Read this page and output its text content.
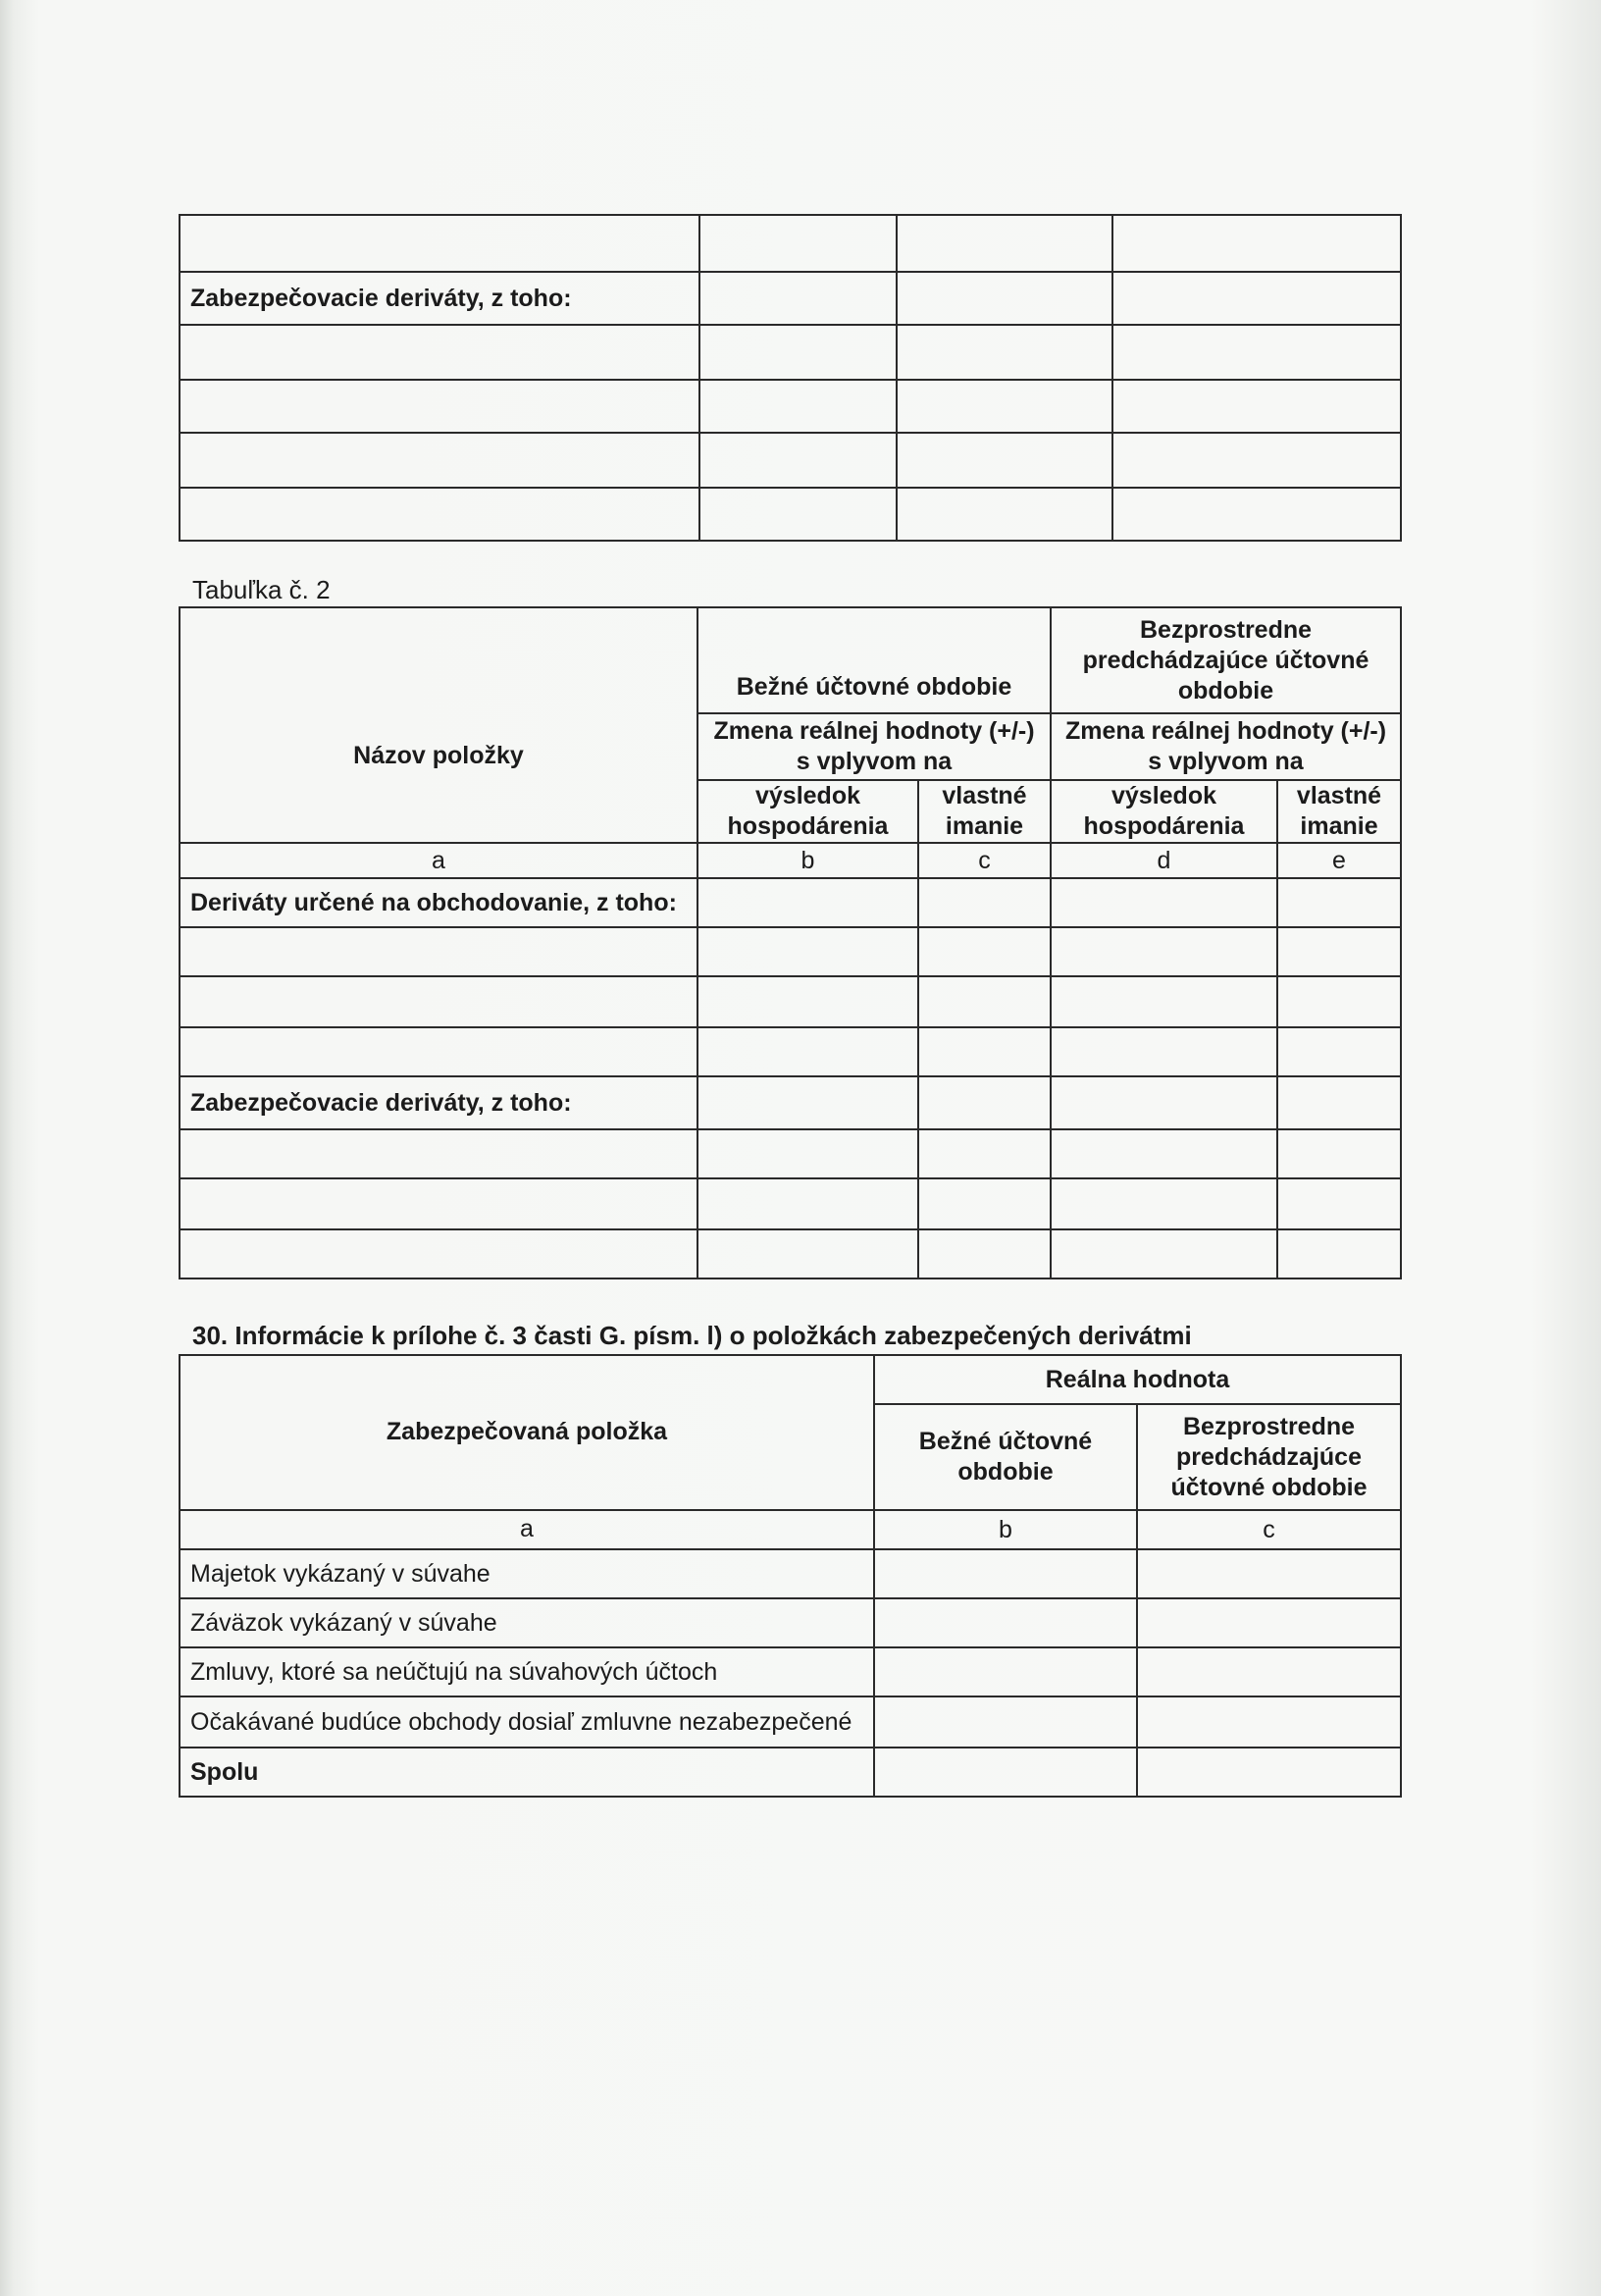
Zabezpečovacie deriváty, z toho:			

Tabuľka č. 2
Názov položky	Bežné účtovné obdobie		Bezprostredne predchádzajúce účtovné obdobie	
	Zmena reálnej hodnoty (+/-) s vplyvom na		Zmena reálnej hodnoty (+/-) s vplyvom na	
	výsledok hospodárenia	vlastné imanie	výsledok hospodárenia	vlastné imanie
a	b	c	d	e
Deriváty určené na obchodovanie, z toho:				

Zabezpečovacie deriváty, z toho:				

30. Informácie k prílohe č. 3 časti G. písm. l) o položkách zabezpečených derivátmi
Zabezpečovaná položka	Reálna hodnota	
	Bežné účtovné obdobie	Bezprostredne predchádzajúce účtovné obdobie

a	b	c
Majetok vykázaný v súvahe		
Záväzok vykázaný v súvahe		
Zmluvy, ktoré sa neúčtujú na súvahových účtoch		
Očakávané budúce obchody dosiaľ zmluvne nezabezpečené		
Spolu		
